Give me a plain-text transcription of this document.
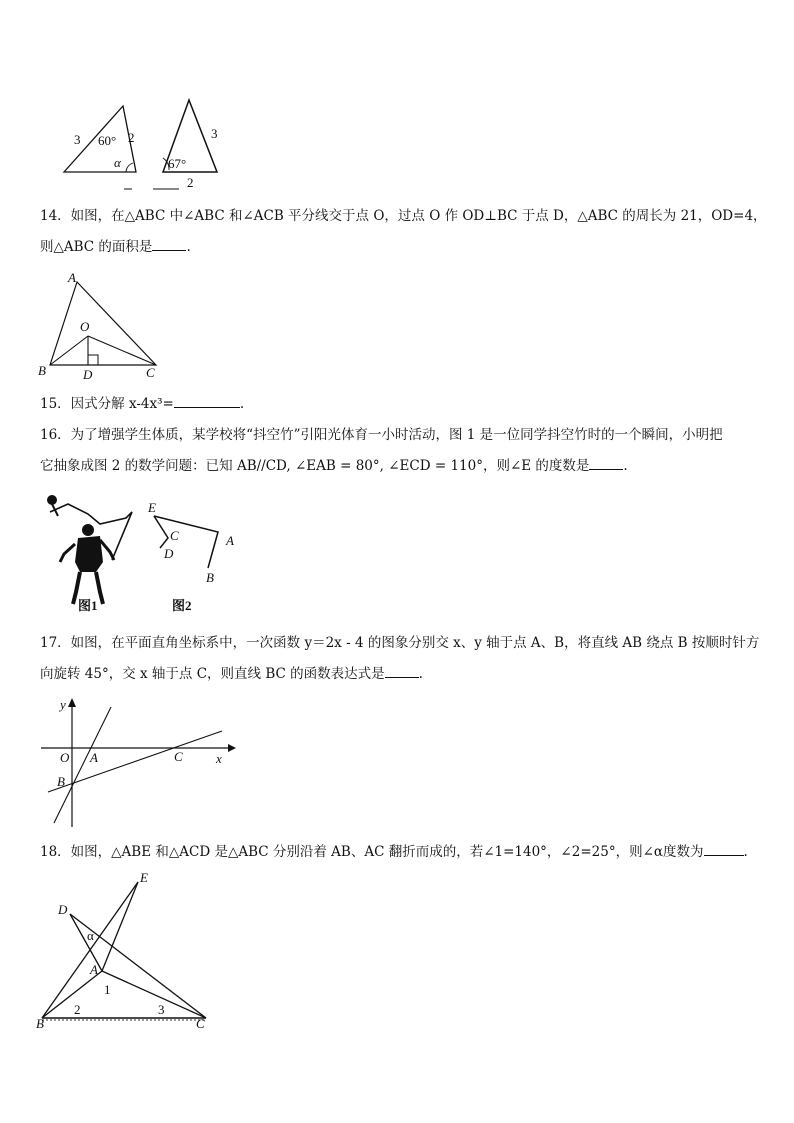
3 60° 2
α
3
67°
2
14．如图，在△ABC 中∠ABC 和∠ACB 平分线交于点 O，过点 O 作 OD⊥BC 于点 D，△ABC 的周长为 21，OD=4，
则△ABC 的面积是	.
A
O
B	D	C
15．因式分解 x-4x³=	.
16．为了增强学生体质，某学校将“抖空竹”引阳光体育一小时活动，图 1 是一位同学抖空竹时的一个瞬间，小明把
它抽象成图 2 的数学问题：已知 AB//CD, ∠EAB = 80°, ∠ECD = 110°，则∠E 的度数是	.
图1
E
C
D
A
B
图2
17．如图，在平面直角坐标系中，一次函数 y＝2x - 4 的图象分别交 x、y 轴于点 A、B，将直线 AB 绕点 B 按顺时针方
向旋转 45°，交 x 轴于点 C，则直线 BC 的函数表达式是	.
y
O A	C	x
B
18．如图，△ABE 和△ACD 是△ABC 分别沿着 AB、AC 翻折而成的，若∠1=140°，∠2=25°，则∠α度数为	.
E
D
α
A
1
2	3
B	C
